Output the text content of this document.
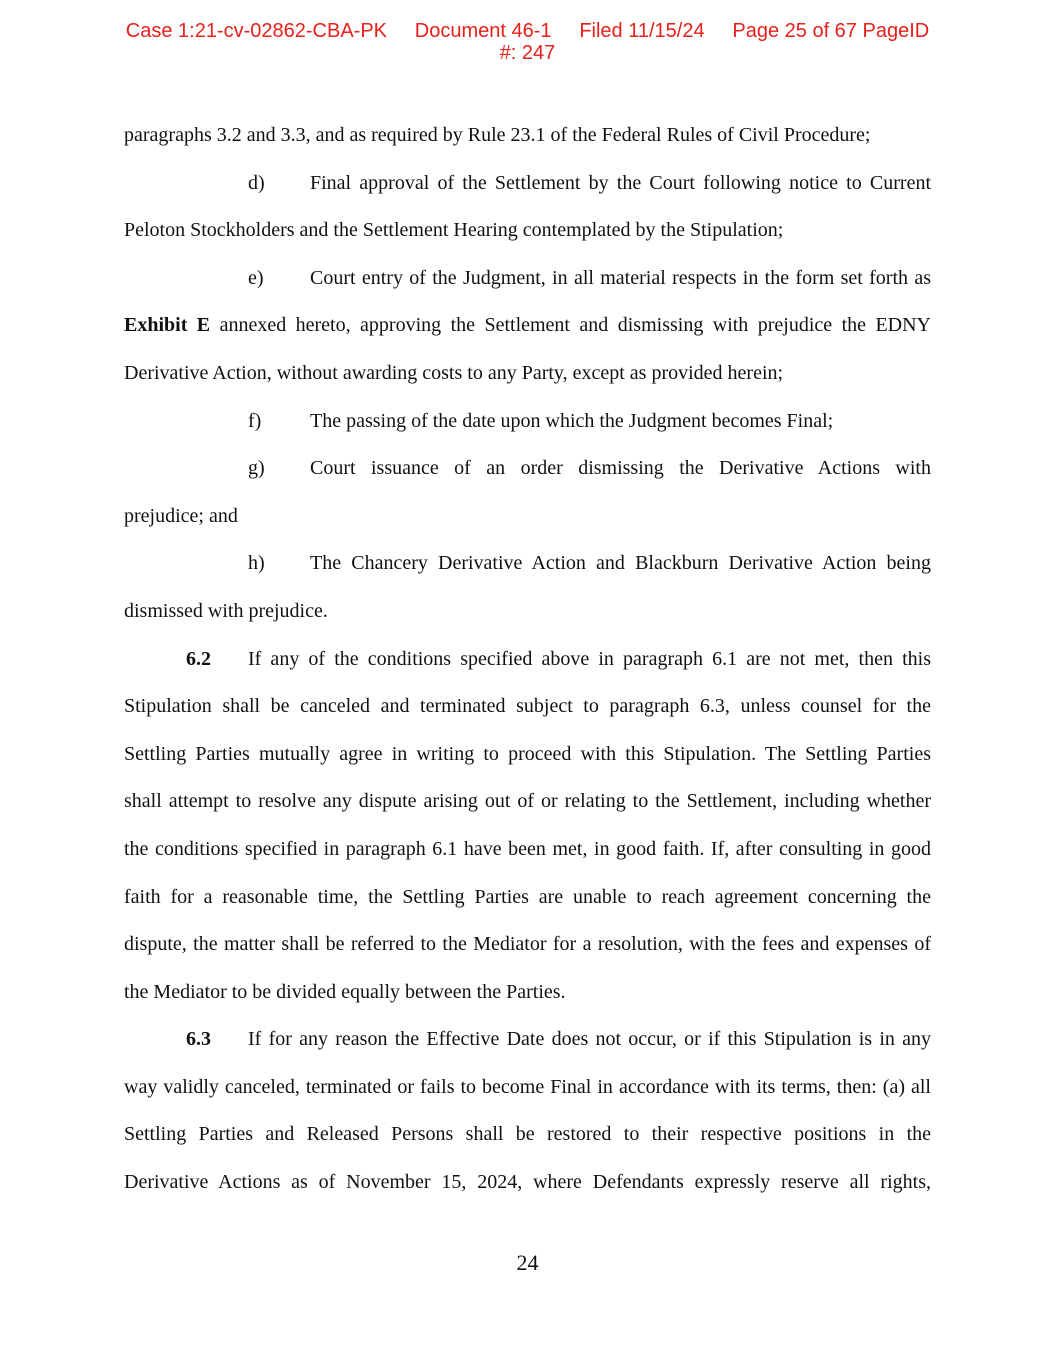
Case 1:21-cv-02862-CBA-PK     Document 46-1     Filed 11/15/24     Page 25 of 67 PageID
#: 247
paragraphs 3.2 and 3.3, and as required by Rule 23.1 of the Federal Rules of Civil Procedure;
d) Final approval of the Settlement by the Court following notice to Current
Peloton Stockholders and the Settlement Hearing contemplated by the Stipulation;
e) Court entry of the Judgment, in all material respects in the form set forth as
Exhibit E annexed hereto, approving the Settlement and dismissing with prejudice the EDNY
Derivative Action, without awarding costs to any Party, except as provided herein;
f) The passing of the date upon which the Judgment becomes Final;
g) Court issuance of an order dismissing the Derivative Actions with
prejudice; and
h) The Chancery Derivative Action and Blackburn Derivative Action being
dismissed with prejudice.
6.2 If any of the conditions specified above in paragraph 6.1 are not met, then this
Stipulation shall be canceled and terminated subject to paragraph 6.3, unless counsel for the
Settling Parties mutually agree in writing to proceed with this Stipulation. The Settling Parties
shall attempt to resolve any dispute arising out of or relating to the Settlement, including whether
the conditions specified in paragraph 6.1 have been met, in good faith. If, after consulting in good
faith for a reasonable time, the Settling Parties are unable to reach agreement concerning the
dispute, the matter shall be referred to the Mediator for a resolution, with the fees and expenses of
the Mediator to be divided equally between the Parties.
6.3 If for any reason the Effective Date does not occur, or if this Stipulation is in any
way validly canceled, terminated or fails to become Final in accordance with its terms, then: (a) all
Settling Parties and Released Persons shall be restored to their respective positions in the
Derivative Actions as of November 15, 2024, where Defendants expressly reserve all rights,
24
